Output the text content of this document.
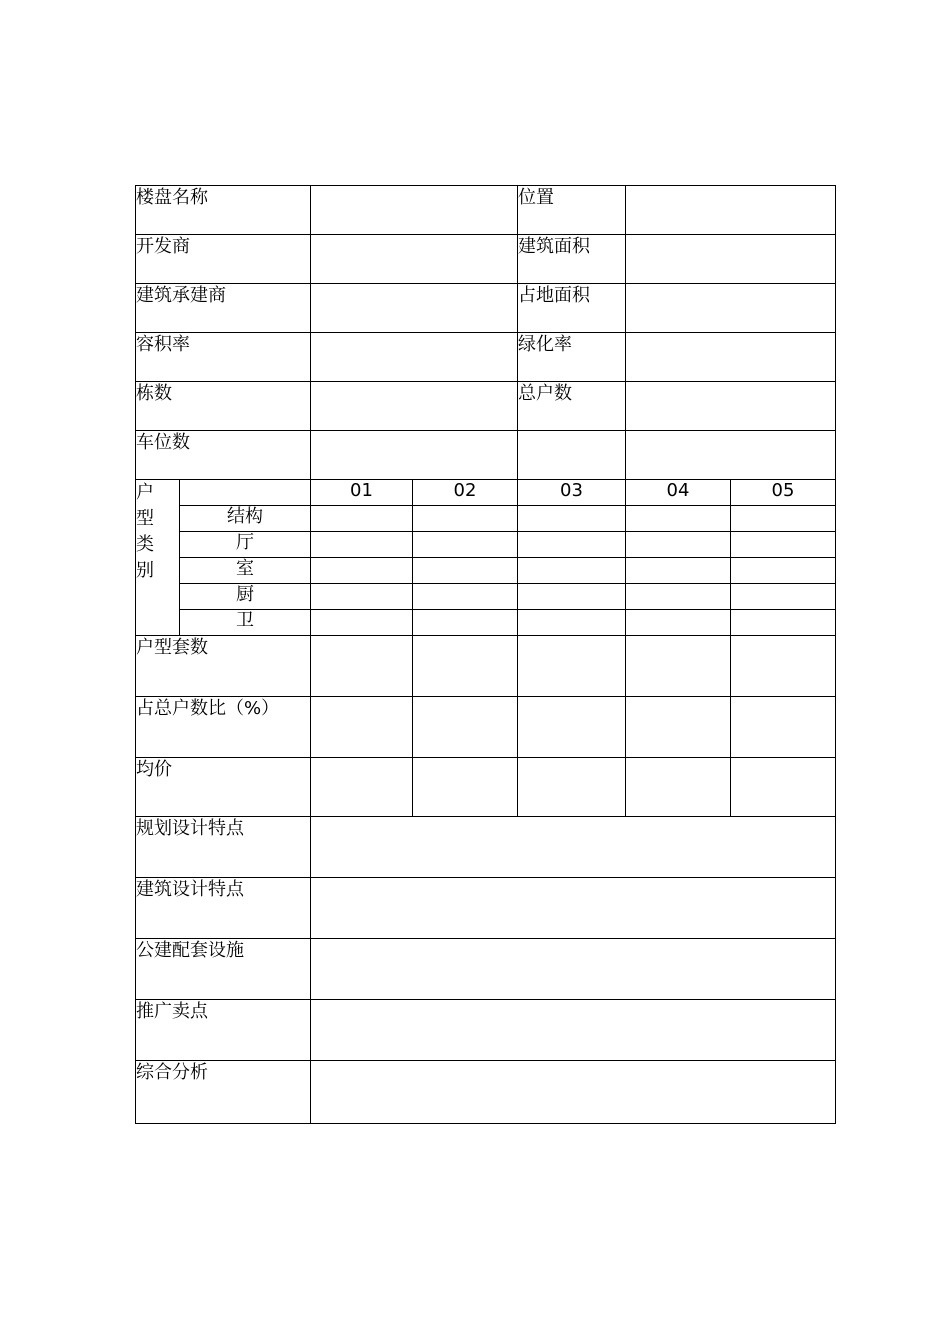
楼盘名称				位置		
开发商				建筑面积		
建筑承建商				占地面积		
容积率				绿化率		
栋数				总户数		
车位数						

户
型
类
别		01	02	03	04	05
	结构					
	厅					
	室					
	厨					
	卫					
户型套数						
占总户数比（%）						
均价						
规划设计特点						
建筑设计特点						
公建配套设施						
推广卖点						
综合分析						
